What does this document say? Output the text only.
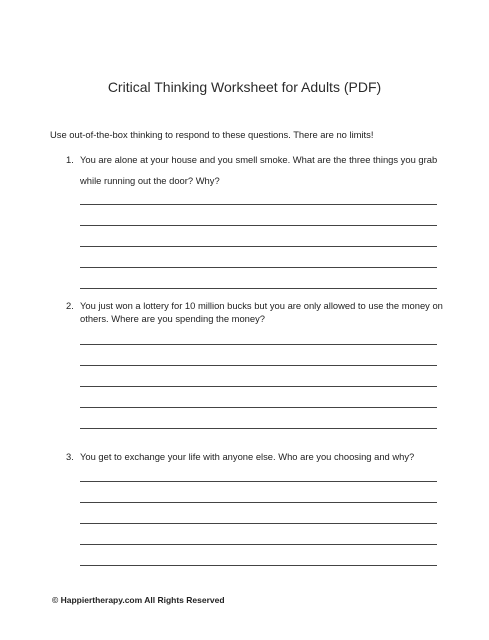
Critical Thinking Worksheet for Adults (PDF)
Use out-of-the-box thinking to respond to these questions. There are no limits!
1. You are alone at your house and you smell smoke. What are the three things you grab
while running out the door? Why?
2. You just won a lottery for 10 million bucks but you are only allowed to use the money on
others. Where are you spending the money?
3. You get to exchange your life with anyone else. Who are you choosing and why?
© Happiertherapy.com All Rights Reserved
